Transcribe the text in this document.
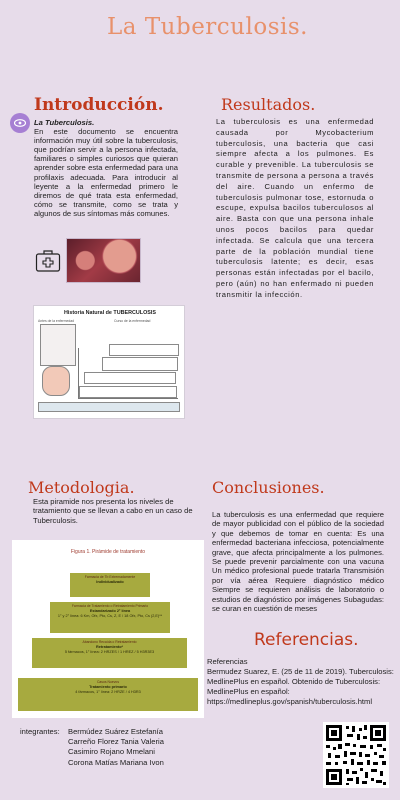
La Tuberculosis.
Introducción.
La Tuberculosis.
En este documento se encuentra información muy útil sobre la tuberculosis, que podrían servir a la persona infectada, familiares o simples curiosos que quieran aprender sobre esta enfermedad para una profilaxis adecuada. Para introducir al leyente a la enfermedad primero le diremos de qué trata esta enfermedad, cómo se transmite, como se trata y algunos de sus síntomas más comunes.
Historia Natural de TUBERCULOSIS
Antes de la enfermedad	Curso de la enfermedad
Resultados.
La tuberculosis es una enfermedad causada por Mycobacterium tuberculosis, una bacteria que casi siempre afecta a los pulmones. Es curable y prevenible. La tuberculosis se transmite de persona a persona a través del aire. Cuando un enfermo de tuberculosis pulmonar tose, estornuda o escupe, expulsa bacilos tuberculosos al aire. Basta con que una persona inhale unos pocos bacilos para quedar infectada. Se calcula que una tercera parte de la población mundial tiene tuberculosis latente; es decir, esas personas están infectadas por el bacilo, pero (aún) no han enfermado ni pueden transmitir la infección.
Metodologia.
Esta piramide nos presenta los niveles de tratamiento que se llevan a cabo en un caso de Tuberculosis.
Figura 1. Pirámide de tratamiento
Farmacia de Tb Extremadamente
Individualizado
Farmacia de Tratamiento o Retratamiento Primario
Estandarizado 2° línea
1° y 2° línea: 6 Km, Ofx, Pto, Cs, Z, E / 18 Ofx, Pto, Cs (2,E)**
Abandono Recaída o Retratamiento
Retratamiento*
5 fármacos, 1° línea: 2 HRZES / 1 HREZ / 5 H3R3E3
Casos Nuevos
Tratamiento primario
4 fármacos, 1° línea: 2 HRZE / 4 H3R3
Conclusiones.
La tuberculosis es una enfermedad que requiere de mayor publicidad con el público de la sociedad y que debemos de tomar en cuenta: Es una enfermedad bacteriana infecciosa, potencialmente grave, que afecta principalmente a los pulmones. Se puede prevenir parcialmente con una vacuna Un médico profesional puede tratarla Transmisión por vía aérea Requiere diagnóstico médico Siempre se requieren análisis de laboratorio o estudios de diagnóstico por imágenes Subagudas: se curan en cuestión de meses
Referencias.
Referencias
Bermudez Suarez, E. (25 de 11 de 2019). Tuberculosis: MedlinePlus en español. Obtenido de Tuberculosis: MedlinePlus en español:
https://medlineplus.gov/spanish/tuberculosis.html
integrantes:	Bermúdez Suárez Estefanía
Carreño Florez Tania Valeria
Casimiro Rojano Mmelani
Corona Matías Mariana Ivon
